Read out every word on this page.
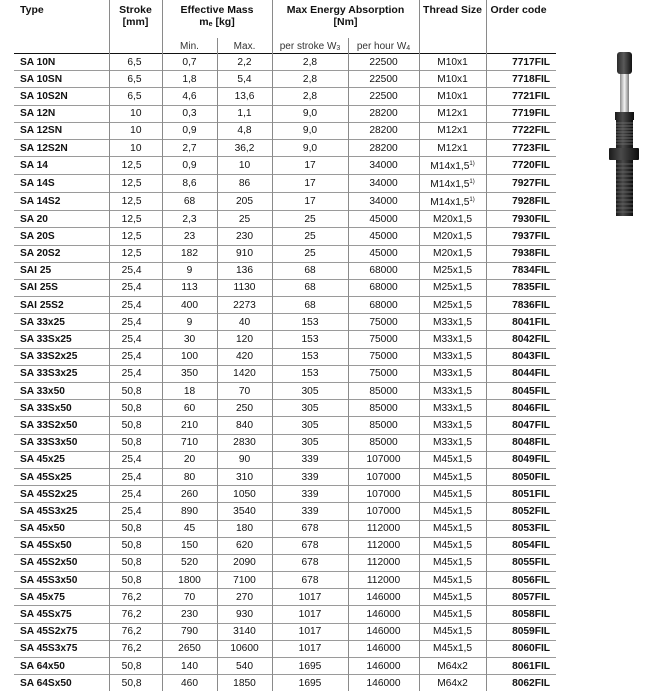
Type	Stroke
[mm]	Effective Mass
$m_e$ [kg]		Max Energy Absorption
[Nm]		Thread Size	Order code
		Min.	Max.	per stroke $W_3$	per hour $W_4$		
SA 10N	6,5	0,7	2,2	2,8	22500	M10x1	7717FIL
SA 10SN	6,5	1,8	5,4	2,8	22500	M10x1	7718FIL
SA 10S2N	6,5	4,6	13,6	2,8	22500	M10x1	7721FIL
SA 12N	10	0,3	1,1	9,0	28200	M12x1	7719FIL
SA 12SN	10	0,9	4,8	9,0	28200	M12x1	7722FIL
SA 12S2N	10	2,7	36,2	9,0	28200	M12x1	7723FIL
SA 14	12,5	0,9	10	17	34000	M14x1,5$^{1)}$	7720FIL
SA 14S	12,5	8,6	86	17	34000	M14x1,5$^{1)}$	7927FIL
SA 14S2	12,5	68	205	17	34000	M14x1,5$^{1)}$	7928FIL
SA 20	12,5	2,3	25	25	45000	M20x1,5	7930FIL
SA 20S	12,5	23	230	25	45000	M20x1,5	7937FIL
SA 20S2	12,5	182	910	25	45000	M20x1,5	7938FIL
SAI 25	25,4	9	136	68	68000	M25x1,5	7834FIL
SAI 25S	25,4	113	1130	68	68000	M25x1,5	7835FIL
SAI 25S2	25,4	400	2273	68	68000	M25x1,5	7836FIL
SA 33x25	25,4	9	40	153	75000	M33x1,5	8041FIL
SA 33Sx25	25,4	30	120	153	75000	M33x1,5	8042FIL
SA 33S2x25	25,4	100	420	153	75000	M33x1,5	8043FIL
SA 33S3x25	25,4	350	1420	153	75000	M33x1,5	8044FIL
SA 33x50	50,8	18	70	305	85000	M33x1,5	8045FIL
SA 33Sx50	50,8	60	250	305	85000	M33x1,5	8046FIL
SA 33S2x50	50,8	210	840	305	85000	M33x1,5	8047FIL
SA 33S3x50	50,8	710	2830	305	85000	M33x1,5	8048FIL
SA 45x25	25,4	20	90	339	107000	M45x1,5	8049FIL
SA 45Sx25	25,4	80	310	339	107000	M45x1,5	8050FIL
SA 45S2x25	25,4	260	1050	339	107000	M45x1,5	8051FIL
SA 45S3x25	25,4	890	3540	339	107000	M45x1,5	8052FIL
SA 45x50	50,8	45	180	678	112000	M45x1,5	8053FIL
SA 45Sx50	50,8	150	620	678	112000	M45x1,5	8054FIL
SA 45S2x50	50,8	520	2090	678	112000	M45x1,5	8055FIL
SA 45S3x50	50,8	1800	7100	678	112000	M45x1,5	8056FIL
SA 45x75	76,2	70	270	1017	146000	M45x1,5	8057FIL
SA 45Sx75	76,2	230	930	1017	146000	M45x1,5	8058FIL
SA 45S2x75	76,2	790	3140	1017	146000	M45x1,5	8059FIL
SA 45S3x75	76,2	2650	10600	1017	146000	M45x1,5	8060FIL
SA 64x50	50,8	140	540	1695	146000	M64x2	8061FIL
SA 64Sx50	50,8	460	1850	1695	146000	M64x2	8062FIL
